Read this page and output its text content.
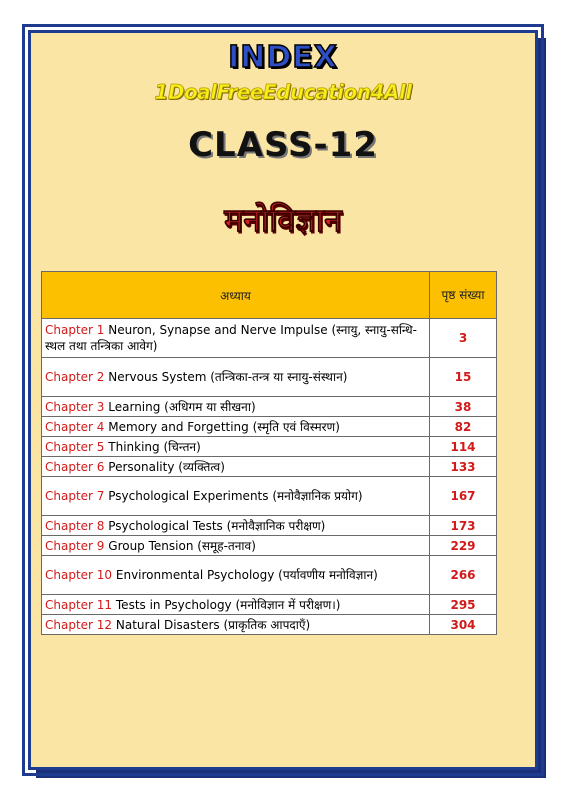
INDEX
1DoalFreeEducation4All
CLASS-12
मनोविज्ञान
अध्याय	पृष्ठ संख्या
Chapter 1 Neuron, Synapse and Nerve Impulse (स्नायु, स्नायु-सन्धि-स्थल तथा तन्त्रिका आवेग)	3
Chapter 2 Nervous System (तन्त्रिका-तन्त्र या स्नायु-संस्थान)	15
Chapter 3 Learning (अधिगम या सीखना)	38
Chapter 4 Memory and Forgetting (स्मृति एवं विस्मरण)	82
Chapter 5 Thinking (चिन्तन)	114
Chapter 6 Personality (व्यक्तित्व)	133
Chapter 7 Psychological Experiments (मनोवैज्ञानिक प्रयोग)	167
Chapter 8 Psychological Tests (मनोवैज्ञानिक परीक्षण)	173
Chapter 9 Group Tension (समूह-तनाव)	229
Chapter 10 Environmental Psychology (पर्यावणीय मनोविज्ञान)	266
Chapter 11 Tests in Psychology (मनोविज्ञान में परीक्षण।)	295
Chapter 12 Natural Disasters (प्राकृतिक आपदाएँ)	304
